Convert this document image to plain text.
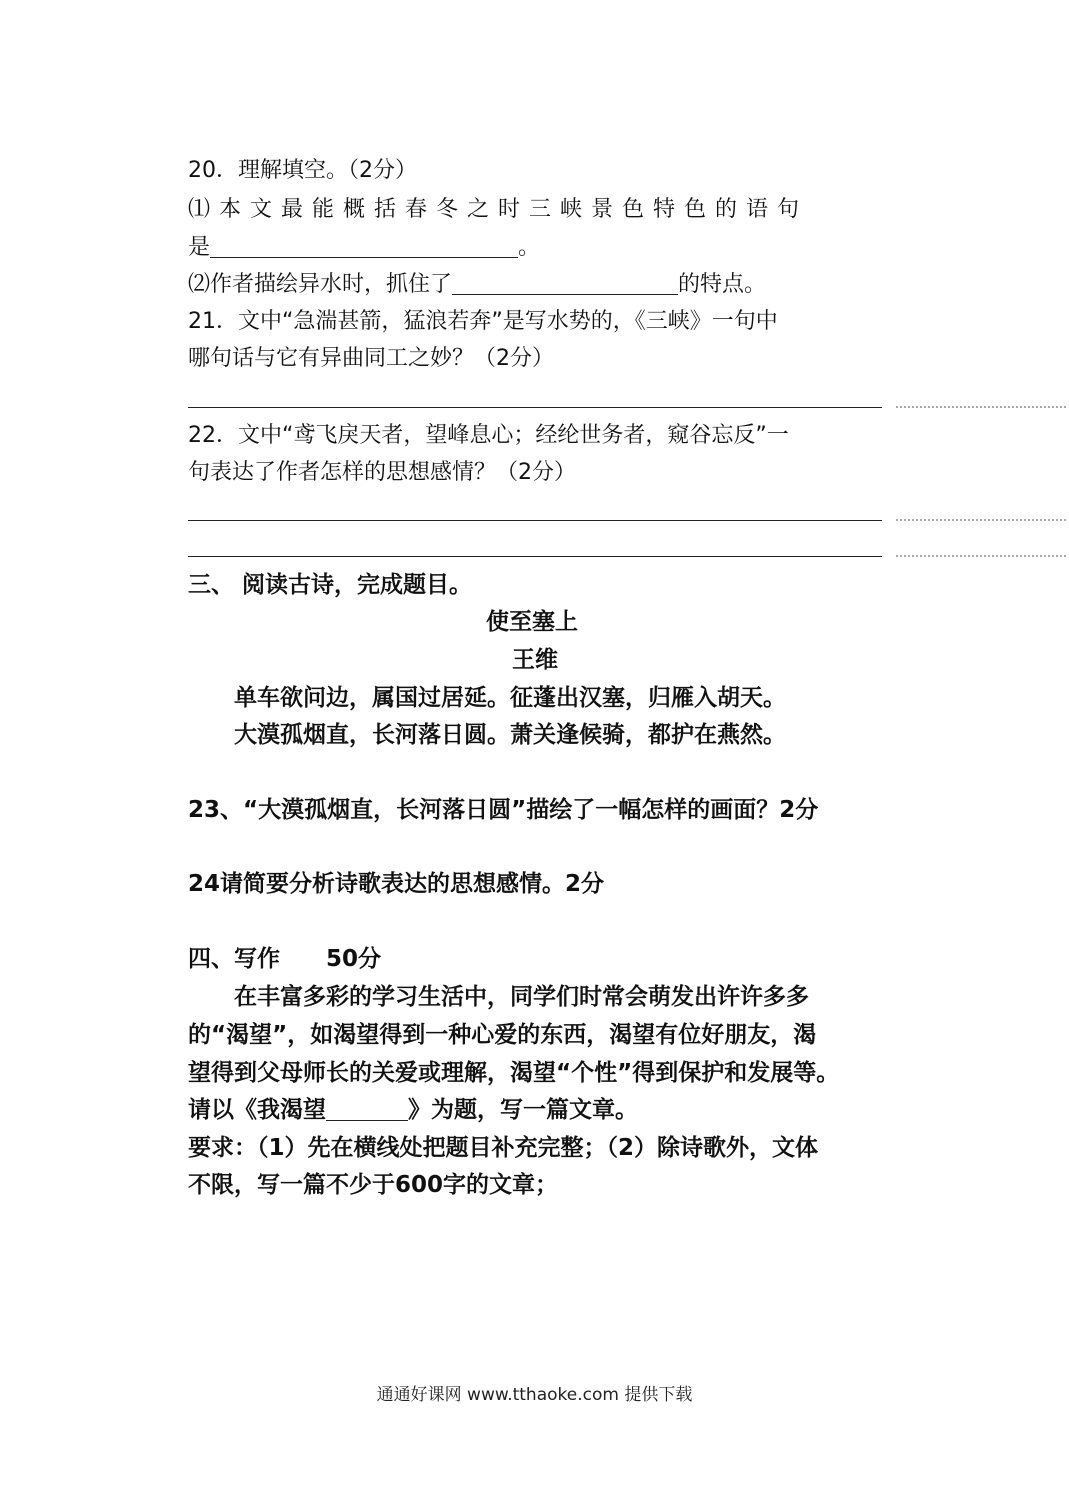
20．理解填空。（2分）
⑴本文最能概括春冬之时三峡景色特色的语句
是	。
⑵作者描绘异水时，抓住了	的特点。
21．文中“急湍甚箭，猛浪若奔”是写水势的，《三峡》一句中
哪句话与它有异曲同工之妙？（2分）
22．文中“鸢飞戾天者，望峰息心；经纶世务者，窥谷忘反”一
句表达了作者怎样的思想感情？（2分）
三、 阅读古诗，完成题目。
使至塞上
王维
单车欲问边，属国过居延。征蓬出汉塞，归雁入胡天。
大漠孤烟直，长河落日圆。萧关逢候骑，都护在燕然。
23、“大漠孤烟直，长河落日圆”描绘了一幅怎样的画面？2分
24请简要分析诗歌表达的思想感情。2分
四、写作　　50分
　　在丰富多彩的学习生活中，同学们时常会萌发出许许多多
的“渴望”，如渴望得到一种心爱的东西，渴望有位好朋友，渴
望得到父母师长的关爱或理解，渴望“个性”得到保护和发展等。
请以《我渴望	》为题，写一篇文章。
要求：（1）先在横线处把题目补充完整；（2）除诗歌外，文体
不限，写一篇不少于600字的文章；
通通好课网 www.tthaoke.com 提供下载
